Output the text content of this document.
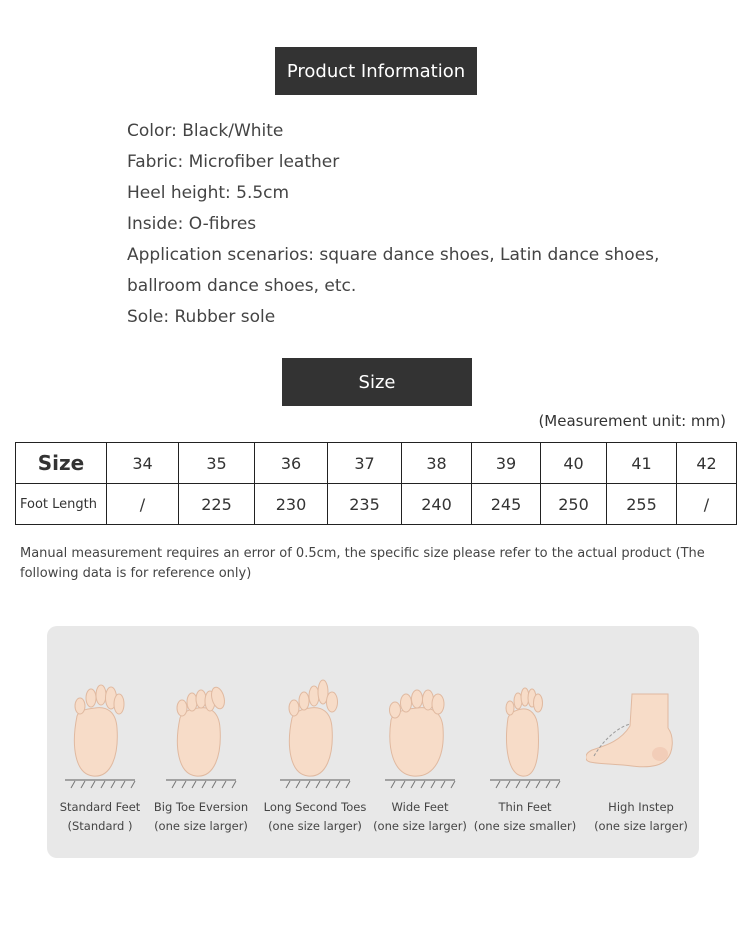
Product Information
Color: Black/White
Fabric: Microfiber leather
Heel height: 5.5cm
Inside: O-fibres
Application scenarios: square dance shoes, Latin dance shoes, ballroom dance shoes, etc.
Sole: Rubber sole
Size
(Measurement unit: mm)
Size	34	35	36	37	38	39	40	41	42
Foot Length	/	225	230	235	240	245	250	255	/

Manual measurement requires an error of 0.5cm, the specific size please refer to the actual product (The following data is for reference only)

Standard Feet
(Standard )
Big Toe Eversion
(one size larger)
Long Second Toes
(one size larger)
Wide Feet
(one size larger)
Thin Feet
(one size smaller)
High Instep
(one size larger)
